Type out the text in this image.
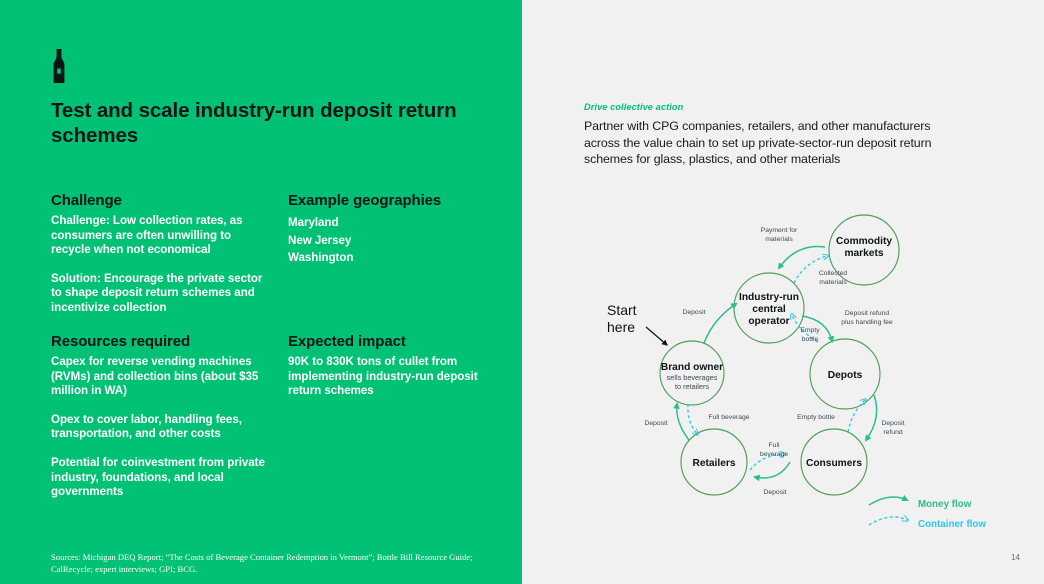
Test and scale industry-run deposit return schemes
Challenge

Challenge: Low collection rates, as consumers are often unwilling to recycle when not economical

Solution: Encourage the private sector to shape deposit return schemes and incentivize collection

Example geographies
Maryland
New Jersey
Washington
Resources required

Capex for reverse vending machines (RVMs) and collection bins (about $35 million in WA)

Opex to cover labor, handling fees, transportation, and other costs

Potential for coinvestment from private industry, foundations, and local governments

Expected impact

90K to 830K tons of cullet from implementing industry-run deposit return schemes

Sources: Michigan DEQ Report; “The Costs of Beverage Container Redemption in Vermont”; Bottle Bill Resource Guide; CalRecycle; expert interviews; GPI; BCG.
Drive collective action
Partner with CPG companies, retailers, and other manufacturers across the value chain to set up private-sector-run deposit return schemes for glass, plastics, and other materials
14
Commodity
markets
Industry-run
central
operator
Depots
Brand owner
sells beverages
to retailers
Retailers	Consumers
Start
here
Payment for
materials
Collected
materials
Deposit refund
plus handling fee
Empty
bottle
Deposit
Deposit
refund
Empty bottle
Deposit
Full beverage
Full
beverage
Deposit
Money flow
Container flow
